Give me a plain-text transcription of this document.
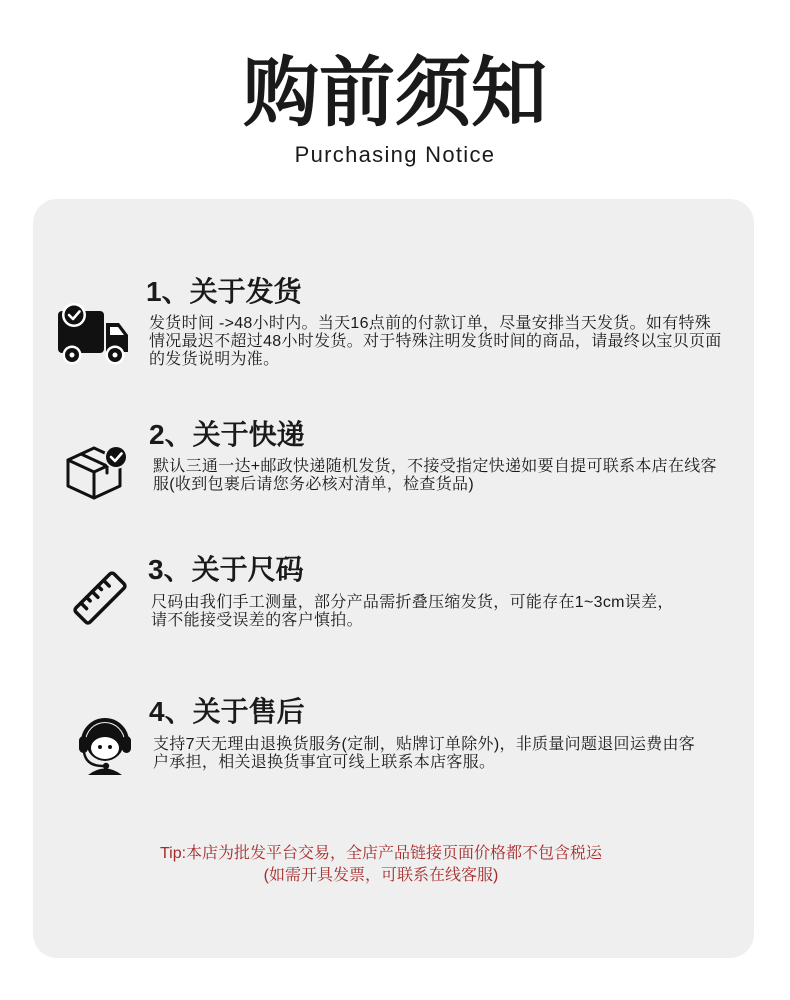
购前须知
Purchasing Notice
1、关于发货
发货时间 ->48小时内。当天16点前的付款订单，尽量安排当天发货。如有特殊
情况最迟不超过48小时发货。对于特殊注明发货时间的商品，请最终以宝贝页面
的发货说明为准。
2、关于快递
默认三通一达+邮政快递随机发货，不接受指定快递如要自提可联系本店在线客
服(收到包裹后请您务必核对清单，检查货品)
3、关于尺码
尺码由我们手工测量，部分产品需折叠压缩发货，可能存在1~3cm误差，
请不能接受误差的客户慎拍。
4、关于售后
支持7天无理由退换货服务(定制，贴牌订单除外)，非质量问题退回运费由客
户承担，相关退换货事宜可线上联系本店客服。
Tip:本店为批发平台交易，全店产品链接页面价格都不包含税运
(如需开具发票，可联系在线客服)
